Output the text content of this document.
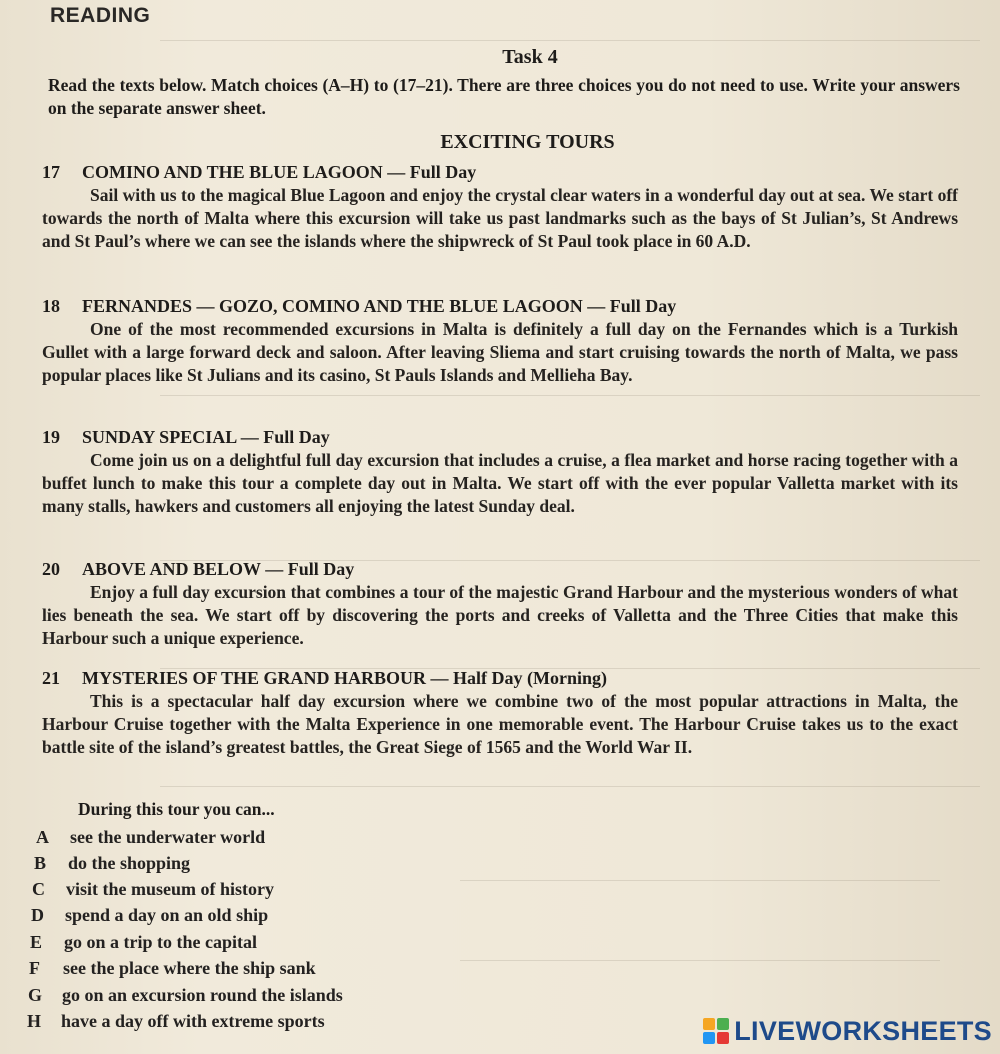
READING
Task 4
Read the texts below. Match choices (A–H) to (17–21). There are three choices you do not need to use. Write your answers on the separate answer sheet.
EXCITING TOURS
17 COMINO AND THE BLUE LAGOON — Full Day
Sail with us to the magical Blue Lagoon and enjoy the crystal clear waters in a wonderful day out at sea. We start off towards the north of Malta where this excursion will take us past landmarks such as the bays of St Julian’s, St Andrews and St Paul’s where we can see the islands where the shipwreck of St Paul took place in 60 A.D.
18 FERNANDES — GOZO, COMINO AND THE BLUE LAGOON — Full Day
One of the most recommended excursions in Malta is definitely a full day on the Fernandes which is a Turkish Gullet with a large forward deck and saloon. After leaving Sliema and start cruising towards the north of Malta, we pass popular places like St Julians and its casino, St Pauls Islands and Mellieha Bay.
19 SUNDAY SPECIAL — Full Day
Come join us on a delightful full day excursion that includes a cruise, a flea market and horse racing together with a buffet lunch to make this tour a complete day out in Malta. We start off with the ever popular Valletta market with its many stalls, hawkers and customers all enjoying the latest Sunday deal.
20 ABOVE AND BELOW — Full Day
Enjoy a full day excursion that combines a tour of the majestic Grand Harbour and the mysterious wonders of what lies beneath the sea. We start off by discovering the ports and creeks of Valletta and the Three Cities that make this Harbour such a unique experience.
21 MYSTERIES OF THE GRAND HARBOUR — Half Day (Morning)
This is a spectacular half day excursion where we combine two of the most popular attractions in Malta, the Harbour Cruise together with the Malta Experience in one memorable event. The Harbour Cruise takes us to the exact battle site of the island’s greatest battles, the Great Siege of 1565 and the World War II.
During this tour you can...
A see the underwater world
B do the shopping
C visit the museum of history
D spend a day on an old ship
E go on a trip to the capital
F see the place where the ship sank
G go on an excursion round the islands
H have a day off with extreme sports	LIVEWORKSHEETS
